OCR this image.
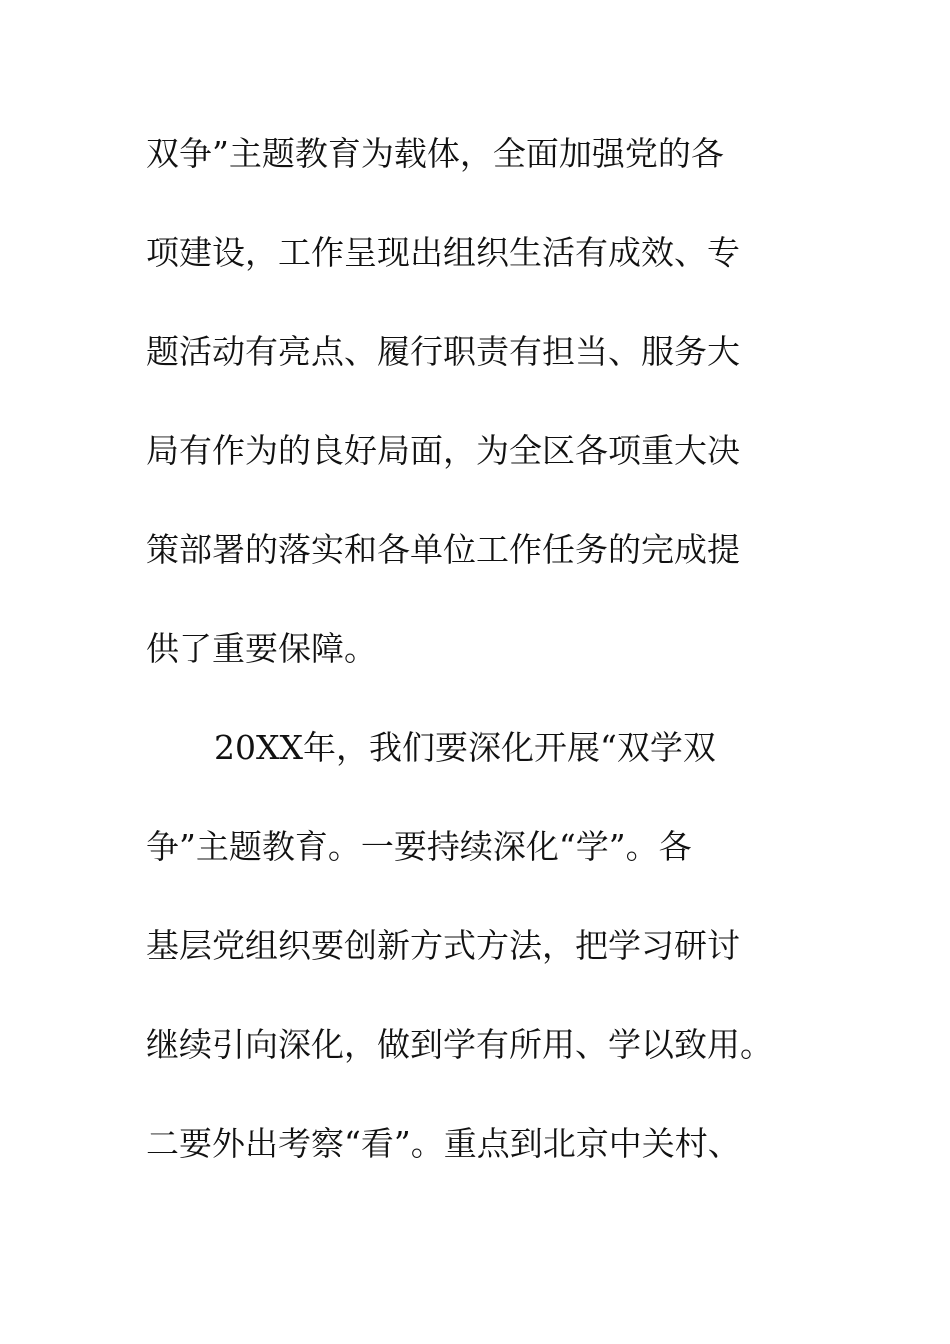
双争”主题教育为载体，全面加强党的各

项建设，工作呈现出组织生活有成效、专

题活动有亮点、履行职责有担当、服务大

局有作为的良好局面，为全区各项重大决

策部署的落实和各单位工作任务的完成提

供了重要保障。

20XX年，我们要深化开展“双学双

争”主题教育。一要持续深化“学”。各

基层党组织要创新方式方法，把学习研讨

继续引向深化，做到学有所用、学以致用。

二要外出考察“看”。重点到北京中关村、
